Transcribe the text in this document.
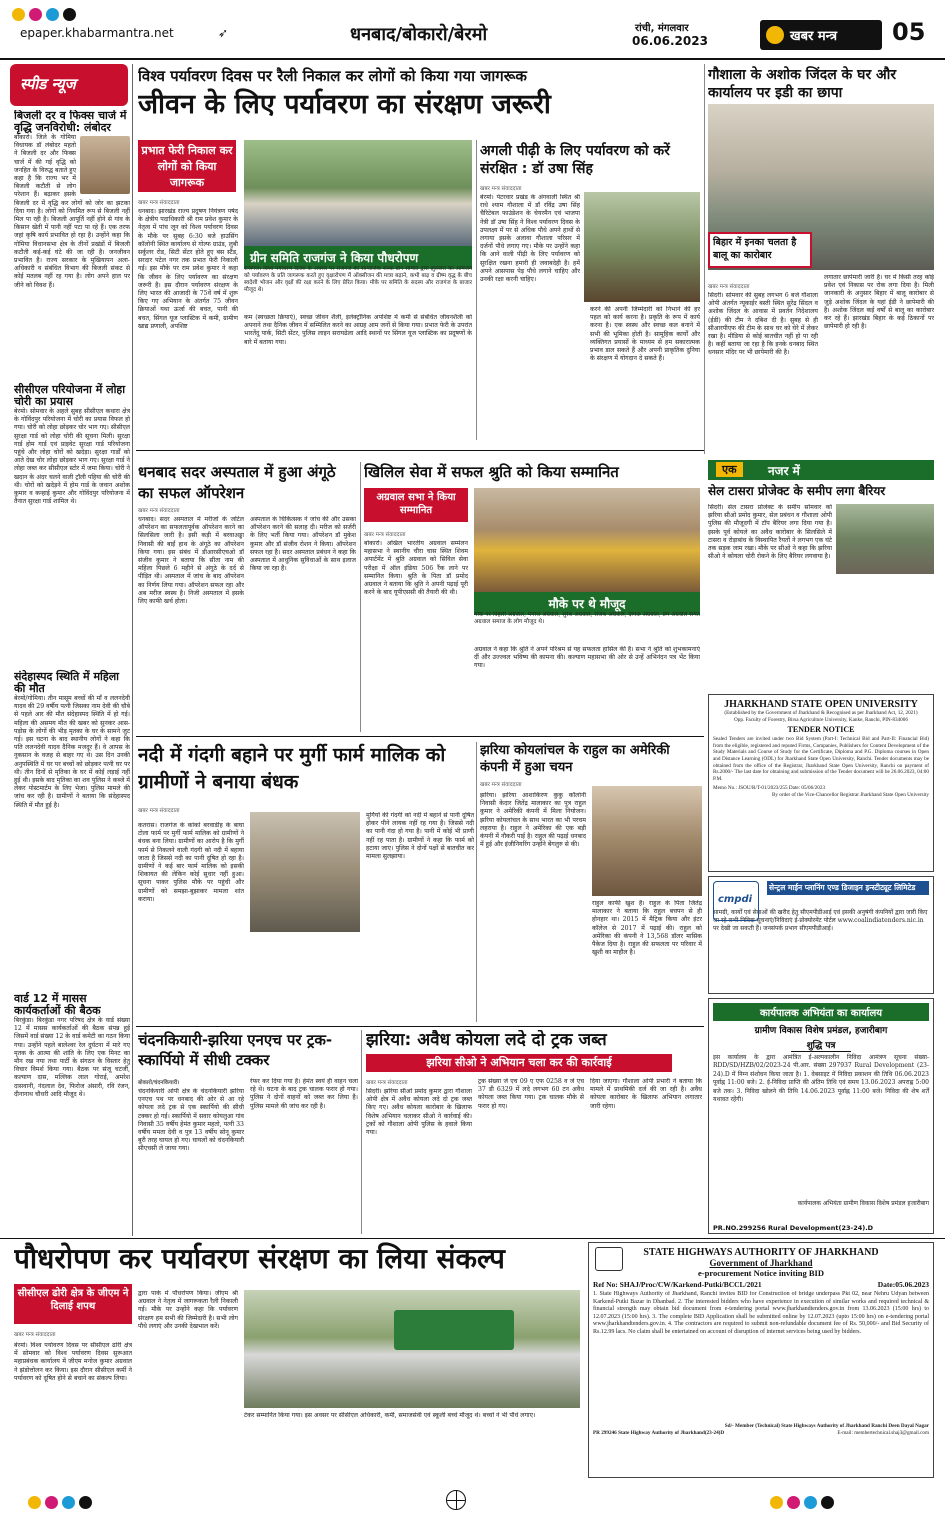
epaper.khabarmantra.net	➶	धनबाद/बोकारो/बेरमो	रांची, मंगलवार
06.06.2023	खबर मन्त्र 05
स्पीड न्यूज
बिजली दर व फिक्स चार्ज में वृद्धि जनविरोधी: लंबोदर
बोकारो। जिले के गोमिया विधायक डॉ लंबोदर महतो ने बिजली दर और फिक्स चार्ज में की गई वृद्धि को जनहित के विरुद्ध बताते हुए कहा है कि राज्य भर में बिजली कटौती से लोग परेशान हैं। बढ़ाकर इसके बिजली दर में वृद्धि कर लोगों को जोर का झटका दिया गया है। लोगों को नियमित रूप से बिजली नहीं मिल पा रही है। बिजली आपूर्ति नहीं होने से गांव के किसान खेती में पानी नहीं पटा पा रहे हैं। एक तरफ जहां कृषि कार्य प्रभावित हो रहा है। उन्होंने कहा कि गोमिया विधानसभा क्षेत्र के तीनों प्रखंडों में बिजली कटौती कई-कई घंटे की जा रही है। जनजीवन प्रभावित है। राज्य सरकार के मुखियापन अला-अधिकारी व संबंधित विभाग की बिजली संकट से कोई मतलब नहीं रह गया है। लोग अपने हाल पर जीने को विवश हैं।
सीसीएल परियोजना में लोहा चोरी का प्रयास
बेरमो। सोमवार के अहले सुबह सीसीएल कथारा क्षेत्र के गोविंदपुर परियोजना में चोरी का प्रयास विफल हो गया। चोरी को लोहा छोड़कर चोर भाग गए। सीसीएल सुरक्षा गार्ड को लोहा चोरी की सूचना मिली। सुरक्षा गार्ड होम गार्ड एवं प्राइवेट सुरक्षा गार्ड परियोजना पहुंचे और लोहा चोरों को खदेड़ा। सुरक्षा गार्डों को आते देख चोर लोहा छोड़कर भाग गए। सुरक्षा गार्ड ने लोहा जब्त कर सीसीएल स्टोर में जमा किया। चोरी ने खदान के अंदर चलने वाली ट्रॉली पहिया की चोरी की थी। चोरों को खदेड़ने में होम गार्ड के जवान अशोक कुमार व कन्हाई कुमार और गोविंदपुर परियोजना में तैनात सुरक्षा गार्ड शामिल थे।
संदेहास्पद स्थिति में महिला की मौत
बेरमो/गोमिया। तीन मासूम बच्चों की माँ व ललनदेवी यादव की 29 वर्षीय पत्नी जिसका नाम देवी की चौबे से पहले आर की मौत संदेहास्पद स्थिति में हो गई। महिला की असमय मौत की खबर को सुनकर आस-पड़ोस के लोगों की भीड़ मृतका के घर के सामने जुट गई। इस घटना के बाद स्थानीय लोगों ने कहा कि पति ललनदेवी यादव दैनिक मजदूर हैं। वे आपस के नुकसान के वजह से बाहर गए थे। उस दिन उनकी अनुपस्थिति में घर पर बच्चों को छोड़कर पत्नी घर पर थी। तीन दिनों से मृतिका के घर में कोई लड़ाई नहीं हुई थी। इसके बाद मृतिका का शव पुलिस ने कब्जे में लेकर पोस्टमार्टम के लिए भेजा। पुलिस मामले की जांच कर रही है। ग्रामीणों ने बताया कि संदेहास्पद स्थिति में मौत हुई है।
वार्ड 12 में मासस कार्यकर्ताओं की बैठक
बिरकुंडा। बिरकुंडा नगर परिषद क्षेत्र के वार्ड संख्या 12 में मासस कार्यकर्ताओं की बैठक संपन्न हुई जिसमें वार्ड संख्या 12 के वार्ड कमेटी का गठन किया गया। उन्होंने पहले बालेश्वर रेल दुर्घटना में मारे गए मृतक के आत्मा की शांति के लिए एक मिनट का मौन रख नया तथा पार्टी के संगठन के विस्तार हेतु विचार विमर्श किया गया। बैठक पर संजू चटर्जी, कल्याण दास, मल्लिक लाल गोराई, अमरेश दासवानी, नंदलाल देव, फिरोज अंसारी, रवि रंजन, दीनानाथ चौधरी आदि मौजूद थे।
विश्व पर्यावरण दिवस पर रैली निकाल कर लोगों को किया गया जागरूक
जीवन के लिए पर्यावरण का संरक्षण जरूरी
प्रभात फेरी निकाल कर लोगों को किया जागरूक
खबर मन्त्र संवाददाता
धनबाद। झारखंड राज्य प्रदूषण नियंत्रण पर्षद के क्षेत्रीय पदाधिकारी श्री राम प्रवेश कुमार के नेतृत्व में पांच जून को विश्व पर्यावरण दिवस के मौके पर सुबह 6:30 बजे हाउसिंग कॉलोनी स्थित कार्यालय से गोल्फ ग्राउंड, लुबी सर्कुलर रोड, सिटी सेंटर होते हुए बस स्टैंड, सरदार पटेल नगर तक प्रभात फेरी निकाली गई। इस मौके पर राम प्रवेश कुमार ने कहा कि जीवन के लिए पर्यावरण का संरक्षण जरूरी है। इस दौरान पर्यावरण संरक्षण के लिए भारत की आजादी के 75वें वर्ष में शुरू किए गए अभियान के अंतर्गत 75 जीवन क्रियाओं यथा ऊर्जा की बचत, पानी की बचत, सिंगल यूज प्लास्टिक में कमी, ग्रामीण खाद्य प्रणाली, अपशिष्ट
ग्रीन समिति राजगंज ने किया पौधरोपण
राजगंज। विश्व पर्यावरण दिवस के अवसर पर राजगंज की सामाजिक संस्था ग्रीन समिति द्वारा झुलसेरा का आमजन को पर्यावरण के प्रति जागरूक करते हुए वृक्षारोपण में ऑक्सीजन की मात्रा बढ़ाने, कभी बाढ़ व ग्रीष्म वृद्ध के बीच स्वदेशी भोजन और वृक्षों की रक्षा करने के लिए प्रेरित किया। मौके पर समिति के सदस्य और राजगंज के बाजार मौजूद थे।
कम (स्वच्छता क्रियाएं), स्वच्छ जीवन शैली, इलेक्ट्रॉनिक अपशिष्ट में कमी से संबंधित जीवनशैली को अपनाने तथा दैनिक जीवन में सम्मिलित करने का आग्रह आम जनों से किया गया। प्रभात फेरी के उपरांत भारतेंदु पार्क, सिटी सेंटर, पुलिस लाइन सरायढेला आदि स्थानों पर सिंगल यूज प्लास्टिक का प्रदूषणों के बारे में बताया गया।
अगली पीढ़ी के लिए पर्यावरण को करें संरक्षित : डॉ उषा सिंह
खबर मन्त्र संवाददाता
बेरमो। पेटरवार प्रखंड के अंगवाली स्थित श्री राधे श्याम गौशाला में डॉ रविंद्र उषा सिंह चैरिटेबल फाउंडेशन के चेयरमैन एवं भाजपा नेत्री डॉ उषा सिंह ने विश्व पर्यावरण दिवस के उपलक्ष्य में पर से अधिक पौधे अपने हाथों से लगाया इसके अलावा गौशाला परिसर में दर्जनों पौधे लगाए गए। मौके पर उन्होंने कहा कि आने वाली पीढ़ी के लिए पर्यावरण को सुरक्षित रखना हमारी ही जवाबदेही है। हमें अपने आसपास पेड़ पौधे लगाने चाहिए और उनकी रक्षा करनी चाहिए।
करने की अपनी जिम्मेदारी को निभाने की हर पहल को कार्य करना है। प्रकृति के रूप में कार्य करना है। एक स्वस्थ और स्वच्छ कल बनाने में सभी की भूमिका होती है। सामूहिक कार्यों और व्यक्तिगत प्रयासों के माध्यम से हम सकारात्मक प्रभाव डाल सकते हैं और अपनी प्राकृतिक दुनिया के संरक्षण में योगदान दे सकते हैं।
गौशाला के अशोक जिंदल के घर और कार्यालय पर इडी का छापा
बिहार में इनका चलता है बालू का कारोबार
खबर मन्त्र संवाददाता
सिंदरी। सोमवार की सुबह लगभग 6 बजे गौशाला ओपी अंतर्गत न्यूकाईर बस्ती स्थित सुरेंद्र सिंदल व अशोक जिंदल के आवास में प्रवर्तन निदेशालय (ईडी) की टीम ने दबिश दी है। सुबह से ही सीआरपीएफ की टीम के साथ घर को घेरे में लेकर रखा है। मीडिया से कोई बातचीत नहीं हो पा रही है। कहीं बताया जा रहा है कि इनके धनबाद स्थित धनसार मंदिर पर भी छापेमारी की है।
लगातार छापेमारी जारी है। घर में किसी तरह कोई प्रवेश एवं निकास पर रोक लगा दिया है। मिली जानकारी के अनुसार बिहार में बालू कारोबार से जुड़े अशोक जिंदल के यहां ईडी ने छापेमारी की है। अशोक जिंदल कई वर्षों से बालू का कारोबार कर रहे हैं। झारखंड बिहार के कई ठिकानों पर छापेमारी हो रही है।
धनबाद सदर अस्पताल में हुआ अंगूठे का सफल ऑपरेशन
खबर मन्त्र संवाददाता
धनबाद। सदर अस्पताल में मरीजों के जटिल ऑपरेशन का सफलतापूर्वक ऑपरेशन करने का सिलसिला जारी है। इसी कड़ी में बरवाअड्डा निवासी की बाईं हाथ के अंगूठे का ऑपरेशन किया गया। इस संबंध में डीआरसीएचओ डॉ संजीव कुमार ने बताया कि सीता नाम की महिला पिछले 6 महीने से अंगूठे के दर्द से पीड़ित थी। अस्पताल में जांच के बाद ऑपरेशन का निर्णय लिया गया। ऑपरेशन सफल रहा और अब मरीज स्वस्थ है। निजी अस्पताल में इसके लिए काफी खर्च होता।
अस्पताल के चिकित्सक ने जांच की और उसका ऑपरेशन करने की सलाह दी। मरीज को सर्जरी के लिए भर्ती किया गया। ऑपरेशन डॉ मुकेश कुमार और डॉ संजीव रोशन ने किया। ऑपरेशन सफल रहा है। सदर अस्पताल प्रबंधन ने कहा कि अस्पताल में आधुनिक सुविधाओं के साथ इलाज किया जा रहा है।
खिलिल सेवा में सफल श्रुति को किया सम्मानित
अग्रवाल सभा ने किया सम्मानित
खबर मन्त्र संवाददाता
बोकारो। अखिल भारतीय अग्रवाल सम्मेलन महासभा ने स्थानीय चीरा चास स्थित शिवम अपार्टमेंट में श्रुति अग्रवाल को सिविल सेवा परीक्षा में ऑल इंडिया 506 रैंक लाने पर सम्मानित किया। श्रुति के पिता डॉ प्रमोद अग्रवाल ने बताया कि श्रुति ने अपनी पढ़ाई पूरी करने के बाद यूपीएससी की तैयारी की थी।
मौके पर थे मौजूद
मौके पर विहारी अग्रवाल, मनोज अग्रवाल, सुरेश अग्रवाल, राजेश अग्रवाल, दीपक अग्रवाल, प्रेम अग्रवाल समेत अग्रवाल समाज के लोग मौजूद थे।
अग्रवाल ने कहा कि श्रुति ने अपने परिश्रम से यह सफलता हासिल की है। सभा ने श्रुति को शुभकामनाएं दीं और उज्ज्वल भविष्य की कामना की। कल्याण महासभा की ओर से उन्हें अभिनंदन पत्र भेंट किया गया।
एक	नजर में
सेल टासरा प्रोजेक्ट के समीप लगा बैरियर
सिंदरी। सेल टासरा प्रोजेक्ट के समीप सोमवार को झरिया सीओ प्रमोद कुमार, सेल प्रबंधन व गौशाला ओपी पुलिस की मौजूदगी में टॉप बैरियर लगा दिया गया है। इसके पूर्व कोयले का अवैध कारोबार के सिलसिले में टासरा व रोड़ाबांध के विस्थापित रैयतों ने लगभग एक घंटे तक सड़क जाम रखा। मौके पर सीओ ने कहा कि झरिया सीओ ने कोयला चोरी रोकने के लिए बैरियर लगवाया है।
JHARKHAND STATE OPEN UNIVERSITY
(Established by the Government of Jharkhand & Recognised as per Jharkhand Act, 12, 2021)
Opp. Faculty of Forestry, Birsa Agriculture University, Kanke, Ranchi, PIN-834006
TENDER NOTICE
Sealed Tenders are invited under two Bid System (Part-I: Technical Bid and Part-II: Financial Bid) from the eligible, registered and reputed Firms, Companies, Publishers for Content Development of the Study Materials and Course of Study for the Certificate, Diploma and P.G. Diploma courses in Open and Distance Learning (ODL) for Jharkhand State Open University, Ranchi. Tender documents may be obtained from the office of the Registrar, Jharkhand State Open University, Ranchi on payment of Rs.2000/- The last date for obtaining and submission of the Tender document will be 26.06.2023, 04:00 P.M.
Memo No.: JSOU/R/T-01/2023/255 Date: 05/06/2023
By order of the Vice-Chancellor Registrar Jharkhand State Open University
नदी में गंदगी बहाने पर मुर्गी फार्म मालिक को ग्रामीणों ने बनाया बंधक
खबर मन्त्र संवाददाता
कतरास। राजगंज के कांको बरवाडीह के बाघा टोला फार्म पर मुर्गी फार्म मालिक को ग्रामीणों ने बंधक बना लिया। ग्रामीणों का आरोप है कि मुर्गी फार्म से निकलने वाली गंदगी को नदी में बहाया जाता है जिससे नदी का पानी दूषित हो रहा है। ग्रामीणों ने कई बार फार्म मालिक को इसकी शिकायत की लेकिन कोई सुधार नहीं हुआ। सूचना पाकर पुलिस मौके पर पहुंची और ग्रामीणों को समझा-बुझाकर मामला शांत कराया।
मुर्गियों की गंदगी को नदी में बहाने से पानी दूषित होकर पीने लायक नहीं रह गया है। जिससे नदी का पानी गंदा हो गया है। पानी में कोई भी प्राणी नहीं रह पाता है। ग्रामीणों ने कहा कि फार्म को हटाया जाए। पुलिस ने दोनों पक्षों से बातचीत कर मामला सुलझाया।
झरिया कोयलांचल के राहुल का अमेरिकी कंपनी में हुआ चयन
खबर मन्त्र संवाददाता
झरिया। झरिया आशाकिरण कुकु कॉलोनी निवासी केदार जितेंद्र मालाकार का पुत्र राहुल कुमार ने अमेरिकी कंपनी में मिला नियोजन। झरिया कोयलांचल के साथ भारत का भी परचम लहराया है। राहुल ने अमेरिका की एक बड़ी कंपनी में नौकरी पाई है। राहुल की पढ़ाई धनबाद में हुई और इंजीनियरिंग उन्होंने बेंगलुरु से की।
राहुल काफी खुश हैं। राहुल के पिता जितेंद्र मालाकार ने बताया कि राहुल बचपन से ही होनहार था। 2015 में मैट्रिक किया और इंटर कॉलेज से 2017 में पढ़ाई की। राहुल को अमेरिका की कंपनी ने 13,568 डॉलर मासिक पैकेज दिया है। राहुल की सफलता पर परिवार में खुशी का माहौल है।
cmpdi
सेन्ट्रल माईन प्लानिंग एण्ड डिजाइन इन्स्टीट्यूट लिमिटेड
सामग्री, कार्यों एवं सेवाओं की खरीद हेतु सीएमपीडीआई एवं इसकी अनुषंगी कंपनियों द्वारा जारी किए जा रहे सभी निविदा सूचनाएं/निविदाएं ई-प्रोक्योरमेंट पोर्टल www.coalindiatenders.nic.in पर देखी जा सकती हैं। जनसंपर्क प्रभाग सीएमपीडीआई।
कार्यपालक अभियंता का कार्यालय
ग्रामीण विकास विशेष प्रमंडल, हजारीबाग
शुद्धि पत्र
इस कार्यालय के द्वारा आमंत्रित ई-अल्पकालीन निविदा आमंत्रण सूचना संख्या-RDD/SD/HZB/02/2023-24 पी.आर. संख्या 297937 Rural Development (23-24).D में निम्न संशोधन किया जाता है। 1. वेबसाइट में निविदा प्रकाशन की तिथि 06.06.2023 पूर्वाह्न 11:00 बजे। 2. ई-निविदा प्राप्ति की अंतिम तिथि एवं समय 13.06.2023 अपराह्न 5:00 बजे तक। 3. निविदा खोलने की तिथि 14.06.2023 पूर्वाह्न 11:00 बजे। निविदा की शेष शर्तें यथावत रहेंगी।
कार्यपालक अभियंता ग्रामीण विकास विशेष प्रमंडल हजारीबाग
PR.NO.299256 Rural Development(23-24).D
चंदनकियारी-झरिया एनएच पर ट्रक-स्कार्पियो में सीधी टक्कर
बोकारो/चंदनकियारी।
चंदनकियारी ओपी क्षेत्र के चंदनकियारी झरिया एनएच पथ पर धनबाद की ओर से आ रहे कोयला लदे ट्रक से एक स्कार्पियो की सीधी टक्कर हो गई। स्कार्पियो में सवार कोयलुआ गांव निवासी 35 वर्षीय हेमंत कुमार महतो, पत्नी 33 वर्षीय ममता देवी व पुत्र 13 वर्षीय सोनू कुमार बुरी तरह घायल हो गए। घायलों को चंदनकियारी सीएचसी ले जाया गया।
रेफर कर दिया गया है। हेमंत स्वयं ही वाहन चला रहे थे। घटना के बाद ट्रक चालक फरार हो गया। पुलिस ने दोनों वाहनों को जब्त कर लिया है। पुलिस मामले की जांच कर रही है।
झरिया: अवैध कोयला लदे दो ट्रक जब्त
झरिया सीओ ने अभियान चला कर की कार्रवाई
खबर मन्त्र संवाददाता
सिंदरी। झरिया सीओ प्रमोद कुमार द्वारा गौशाला ओपी क्षेत्र में अवैध कोयला लदे दो ट्रक जब्त किए गए। अवैध कोयला कारोबार के खिलाफ विशेष अभियान चलाकर सीओ ने कार्रवाई की। ट्रकों को गौशाला ओपी पुलिस के हवाले किया गया।
ट्रक संख्या जे एच 09 ए एफ 0258 व जे एच 37 डी 6329 में लदे लगभग 60 टन अवैध कोयला जब्त किया गया। ट्रक चालक मौके से फरार हो गए।
दिया जाएगा। गौशाला ओपी प्रभारी ने बताया कि मामले में प्राथमिकी दर्ज की जा रही है। अवैध कोयला कारोबार के खिलाफ अभियान लगातार जारी रहेगा।
पौधरोपण कर पर्यावरण संरक्षण का लिया संकल्प
सीसीएल ढोरी क्षेत्र के जीएम ने दिलाई शपथ
खबर मन्त्र संवाददाता
बेरमो। विश्व पर्यावरण दिवस पर सीसीएल ढोरी क्षेत्र में सोमवार को विश्व पर्यावरण दिवस सुरूआत महाप्रबंधक कार्यालय में जीएम मनोज कुमार अग्रवाल ने झंडोत्तोलन कर किया। इस दौरान सीसीएल कर्मी ने पर्यावरण को दूषित होने से बचाने का संकल्प लिया।
द्वारा पार्क में पौधरोपण किया। जीएम श्री अग्रवाल ने नेतृत्व में जागरूकता रैली निकाली गई। मौके पर उन्होंने कहा कि पर्यावरण संरक्षण हम सभी की जिम्मेदारी है। सभी लोग पौधे लगाएं और उनकी देखभाल करें।
टेकर सम्मानित किया गया। इस अवसर पर सीसीएल अधिकारी, कर्मी, समाजसेवी एवं स्कूली बच्चे मौजूद थे। बच्चों ने भी पौधे लगाए।
STATE HIGHWAYS AUTHORITY OF JHARKHAND
Government of Jharkhand
e-procurement Notice inviting BID
Ref No: SHAJ/Proc/CW/Karkend-Putki/BCCL/2021	Date:05.06.2023
1. State Highways Authority of Jharkhand, Ranchi invites BID for Construction of bridge underpass Pkt 02, near Nehru Udyan between Karkend-Putki Bazar in Dhanbad. 2. The interested bidders who have experience in execution of similar works and required technical & financial strength may obtain bid document from e-tendering portal www.jharkhandtenders.gov.in from 13.06.2023 (15:00 hrs) to 12.07.2023 (15:00 hrs). 3. The complete BID Application shall be submitted online by 12.07.2023 (upto 15:00 hrs) on e-tendering portal www.jharkhandtenders.gov.in. 4. The contractors are required to submit non-refundable document fee of Rs. 50,000/- and Bid Security of Rs.12.99 lacs. No claim shall be entertained on account of disruption of internet services being used by bidders.
Sd/- Member (Technical) State Highways Authority of Jharkhand Ranchi Deen Dayal Nagar
PR 299246 State Highway Authority of Jharkhand(23-24)D	E-mail: membertechnical.shaj3@gmail.com
